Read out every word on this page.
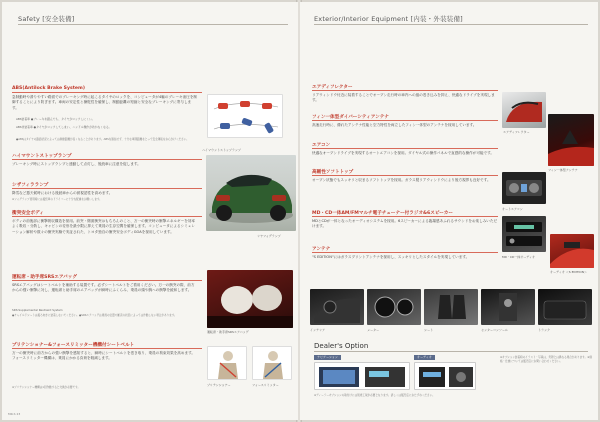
Safety [安全装備]
ABS(Antilock Brake System)
急制動時や滑りやすい路面でのブレーキング時に起こるタイヤのロックを、コンピュータが4輪のブレーキ油圧を制御することにより防ぎます。車両の安定性と操舵性を確保し、制動距離の短縮と安全なブレーキングに寄与します。
ABS装着車 ●ブレーキを踏んでも、タイヤがロックしにくい。
ABS非装着車 ●タイヤがロックしてしまい、ハンドル操作が効かなくなる。
●ABSはタイヤの路面状況によっては制動距離が長くなることがあります。ABSを過信せず、十分な車間距離をとって安全運転をお心がけください。
ハイマウントストップランプ
ブレーキング時にストップランプと連動して点灯し、後続車に注意を促します。
ハイマウントストップランプ
リヤフォグランプ
シザフィラランプ
降雪など悪天候時における後続車からの被視認性を高めます。
※フォグランプ使用時には後続車のドライバーに十分な配慮をお願いします。
衝突安全ボディ
ボディの前後部に衝撃吸収構造を採用。前突・側面衝突はもちろんのこと、万一の衝突時の衝撃エネルギーを効率よく吸収・分散し、キャビンの変形を最小限に抑えて乗員の生存空間を確保します。コンピュータによるシミュレーション解析や数々の衝突実験で実証された、トヨタ独自の衝突安全ボディGOAを採用しています。
運転席・助手席SRSエアバッグ
SRSエアバッグはシートベルトを補助する装置です。必ずシートベルトをご着用ください。万一の衝突の際、前方からの強い衝撃に対し、運転席と助手席のエアバッグが瞬時にふくらみ、乗員の頭や胸への衝撃を緩和します。
SRS:Supplemental Restraint System
●チャイルドシートは後ろ向きに装着しないでください。●SRSエアバッグは乗員の位置や衝突の状況によっては作動しない場合があります。
運転席・助手席SRSエアバッグ
プリテンショナー&フォースリミッター機構付シートベルト
万一の衝突時に前方からの強い衝撃を感知すると、瞬時にシートベルトを巻き取り、乗員の拘束効果を高めます。フォースリミッター機構は、乗員にかかる負荷を軽減します。
※プリテンショナー機構は1回作動すると交換が必要です。
プリテンショナー	フォースリミッター
MR-S 23
Exterior/Interior Equipment [内装・外装装備]
エアディフレクター
リアウィンドウ付近に装着することでオープン走行時の車内への風の巻き込みを抑え、快適なドライブを実現します。
エアディフレクター
フィン一体型ダイバーシティアンテナ
高速走行時に、優れたアンテナ性能と空力特性を両立したフィン一体型のアンテナを採用しています。
フィン一体型アンテナ
エアコン
快適なオープンドライブを実現するオートエアコンを採用。ダイヤル式の操作パネルで直感的な操作が可能です。
オートエアコン
高剛性ソフトトップ
オープン状態でもスッキリと収まるソフトトップを採用。ガラス製リアウィンドウにより後方視界も良好です。
MD・CD一体AM/FMマルチ電子チューナー付ラジオ&6スピーカー
MDとCDが一体となったオーディオシステムを採用。6スピーカーによる臨場感あふれるサウンドをお楽しみいただけます。
MD・CD一体オーディオ
オーディオ ＜S EDITION＞
アンテナ
"S EDITION"にはガラスプリントアンテナを採用し、スッキリとしたスタイルを実現しています。
インテリア	メーター	シート	センターコンソール	トランク
Dealer's Option
ナビゲーション	オーディオ
※ディーラーオプションの取付けには別途工賃が必要となります。詳しくは販売店におたずねください。
※オプション装着時のイラスト・写真は、実際とは異なる場合があります。※価格・仕様については販売店にお問い合わせください。
